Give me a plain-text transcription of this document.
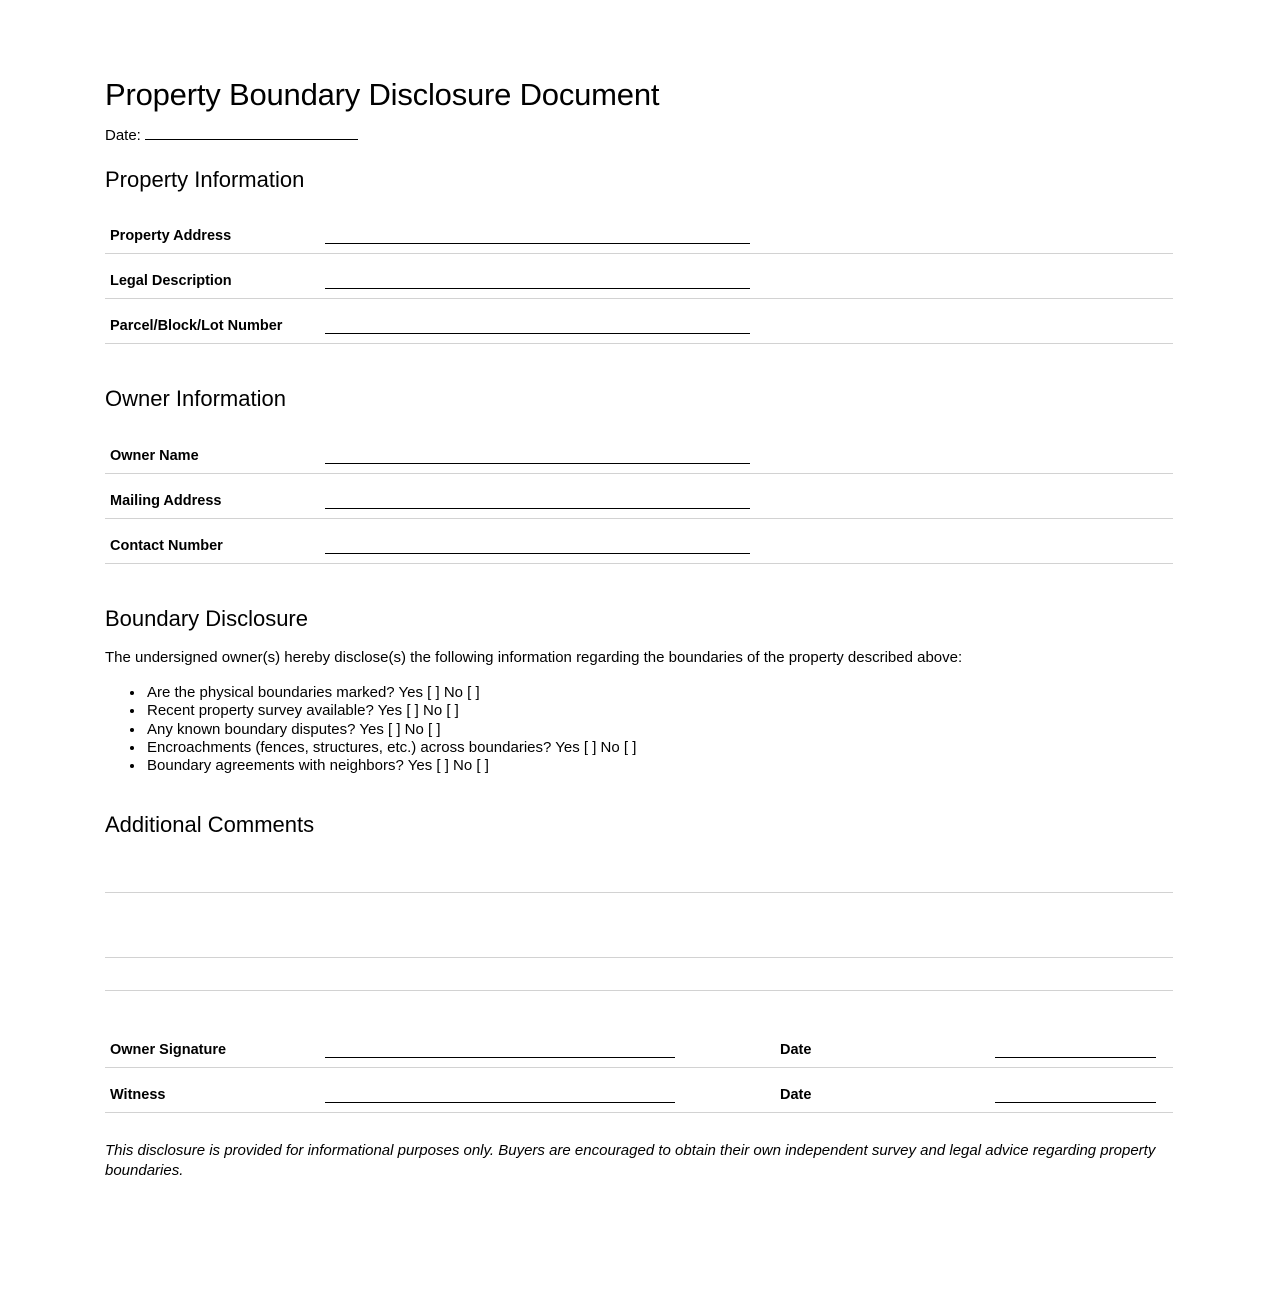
Property Boundary Disclosure Document
Date:
Property Information
Property Address	

Legal Description	

Parcel/Block/Lot Number	
Owner Information
Owner Name	

Mailing Address	

Contact Number	
Boundary Disclosure

The undersigned owner(s) hereby disclose(s) the following information regarding the boundaries of the property described above:

• Are the physical boundaries marked? Yes [ ] No [ ]
• Recent property survey available? Yes [ ] No [ ]
• Any known boundary disputes? Yes [ ] No [ ]
• Encroachments (fences, structures, etc.) across boundaries? Yes [ ] No [ ]
• Boundary agreements with neighbors? Yes [ ] No [ ]
Additional Comments
Owner Signature		Date	

Witness		Date	

This disclosure is provided for informational purposes only. Buyers are encouraged to obtain their own independent survey and legal advice regarding property boundaries.
